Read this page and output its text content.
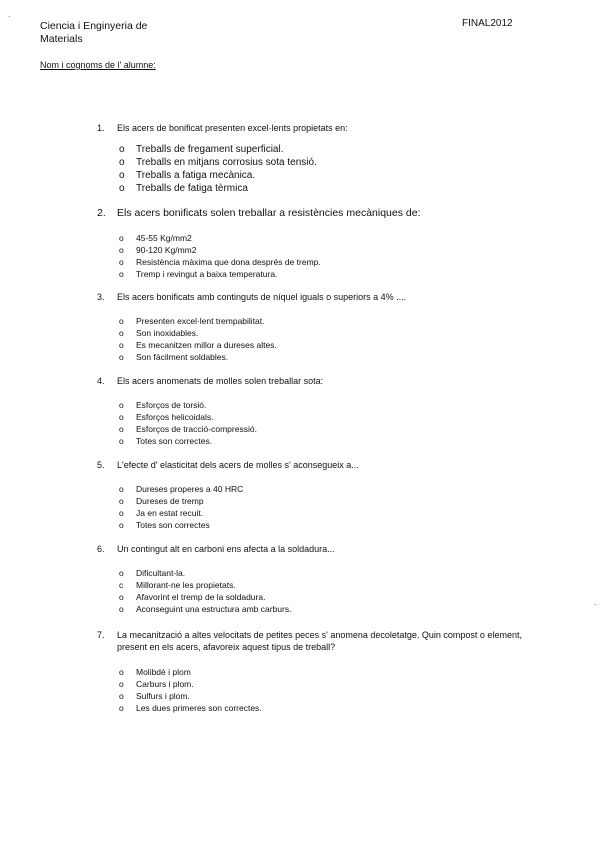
·
·
Ciencia i Enginyeria de
Materials
FINAL2012
Nom i cognoms de l' alumne:
1.	Els acers de bonificat presenten excel·lents propietats en:
o	Treballs de fregament superficial.
o	Treballs en mitjans corrosius sota tensió.
o	Treballs a fatiga mecànica.
o	Treballs de fatiga tèrmica
2.	Els acers bonificats solen treballar a resistències mecàniques de:
o	45-55 Kg/mm2
o	90-120 Kg/mm2
o	Resistència màxima que dona després de tremp.
o	Tremp i revingut a baixa temperatura.
3.	Els acers bonificats amb continguts de níquel iguals o superiors a 4% ....
o	Presenten excel·lent trempabilitat.
o	Son inoxidables.
o	Es mecanitzen millor a dureses altes.
o	Son fàcilment soldables.
4.	Els acers anomenats de molles solen treballar sota:
o	Esforços de torsió.
o	Esforços helicoidals.
o	Esforços de tracció-compressió.
o	Totes son correctes.
5.	L'efecte d' elasticitat dels acers de molles s' aconsegueix a...
o	Dureses properes a 40 HRC
o	Dureses de tremp
o	Ja en estat recuit.
o	Totes son correctes
6.	Un contingut alt en carboni ens afecta a la soldadura...
o	Dificultant-la.
c	Millorant-ne les propietats.
o	Afavorint el tremp de la soldadura.
o	Aconseguint una estructura amb carburs.
7.	La mecanització a altes velocitats de petites peces s' anomena decoletatge. Quin compost o element, present en els acers, afavoreix aquest tipus de treball?
o	Molibdè i plom
o	Carburs i plom.
o	Sulfurs i plom.
o	Les dues primeres son correctes.
